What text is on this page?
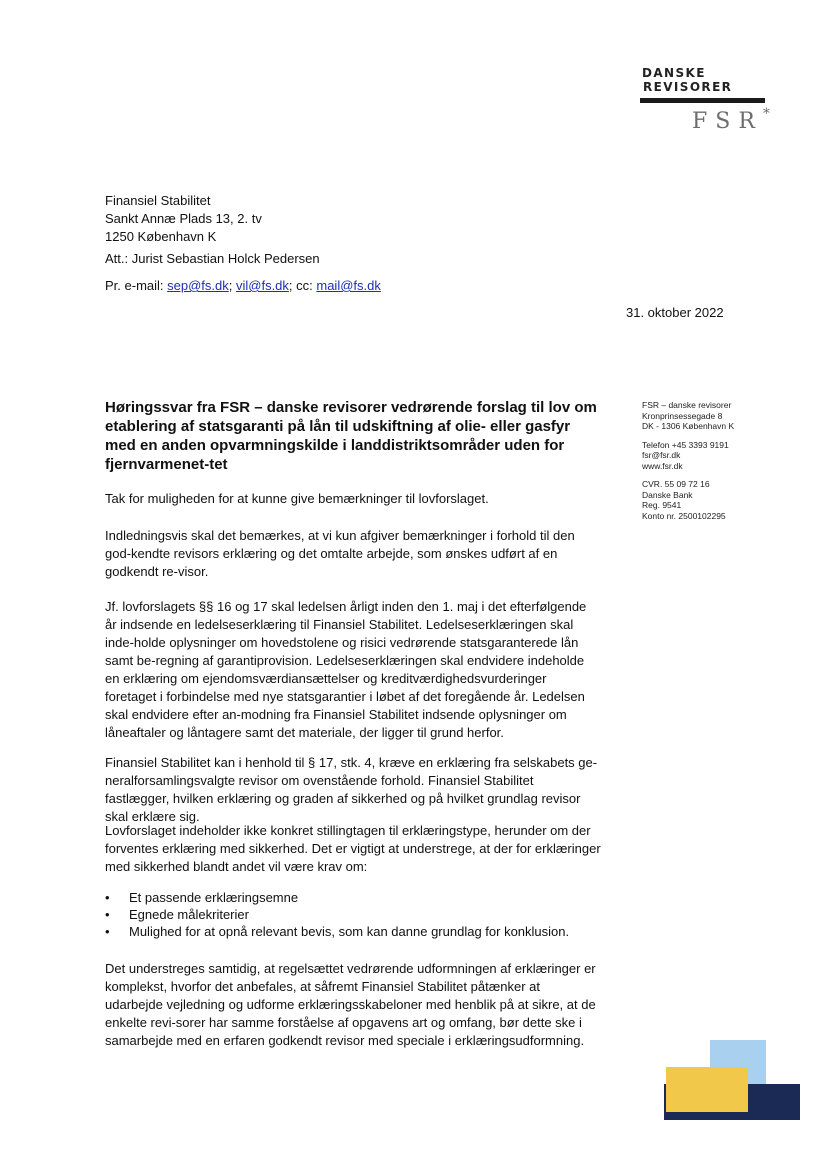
DANSKE
REVISORER
FSR*
Finansiel Stabilitet
Sankt Annæ Plads 13, 2. tv
1250 København K
Att.: Jurist Sebastian Holck Pedersen
Pr. e-mail: sep@fs.dk; vil@fs.dk; cc: mail@fs.dk
31. oktober 2022
FSR – danske revisorer
Kronprinsessegade 8
DK - 1306 København K
Telefon +45 3393 9191
fsr@fsr.dk
www.fsr.dk
CVR. 55 09 72 16
Danske Bank
Reg. 9541
Konto nr. 2500102295
Høringssvar fra FSR – danske revisorer vedrørende forslag til lov om etablering af statsgaranti på lån til udskiftning af olie- eller gasfyr med en anden opvarmningskilde i landdistriktsområder uden for fjernvarmenet-tet
Tak for muligheden for at kunne give bemærkninger til lovforslaget.
Indledningsvis skal det bemærkes, at vi kun afgiver bemærkninger i forhold til den god-kendte revisors erklæring og det omtalte arbejde, som ønskes udført af en godkendt re-visor.
Jf. lovforslagets §§ 16 og 17 skal ledelsen årligt inden den 1. maj i det efterfølgende år indsende en ledelseserklæring til Finansiel Stabilitet. Ledelseserklæringen skal inde-holde oplysninger om hovedstolene og risici vedrørende statsgaranterede lån samt be-regning af garantiprovision. Ledelseserklæringen skal endvidere indeholde en erklæring om ejendomsværdiansættelser og kreditværdighedsvurderinger foretaget i forbindelse med nye statsgarantier i løbet af det foregående år. Ledelsen skal endvidere efter an-modning fra Finansiel Stabilitet indsende oplysninger om låneaftaler og låntagere samt det materiale, der ligger til grund herfor.
Finansiel Stabilitet kan i henhold til § 17, stk. 4, kræve en erklæring fra selskabets ge-neralforsamlingsvalgte revisor om ovenstående forhold. Finansiel Stabilitet fastlægger, hvilken erklæring og graden af sikkerhed og på hvilket grundlag revisor skal erklære sig.
Lovforslaget indeholder ikke konkret stillingtagen til erklæringstype, herunder om der forventes erklæring med sikkerhed. Det er vigtigt at understrege, at der for erklæringer med sikkerhed blandt andet vil være krav om:
• Et passende erklæringsemne
• Egnede målekriterier
• Mulighed for at opnå relevant bevis, som kan danne grundlag for konklusion.
Det understreges samtidig, at regelsættet vedrørende udformningen af erklæringer er komplekst, hvorfor det anbefales, at såfremt Finansiel Stabilitet påtænker at udarbejde vejledning og udforme erklæringsskabeloner med henblik på at sikre, at de enkelte revi-sorer har samme forståelse af opgavens art og omfang, bør dette ske i samarbejde med en erfaren godkendt revisor med speciale i erklæringsudformning.
